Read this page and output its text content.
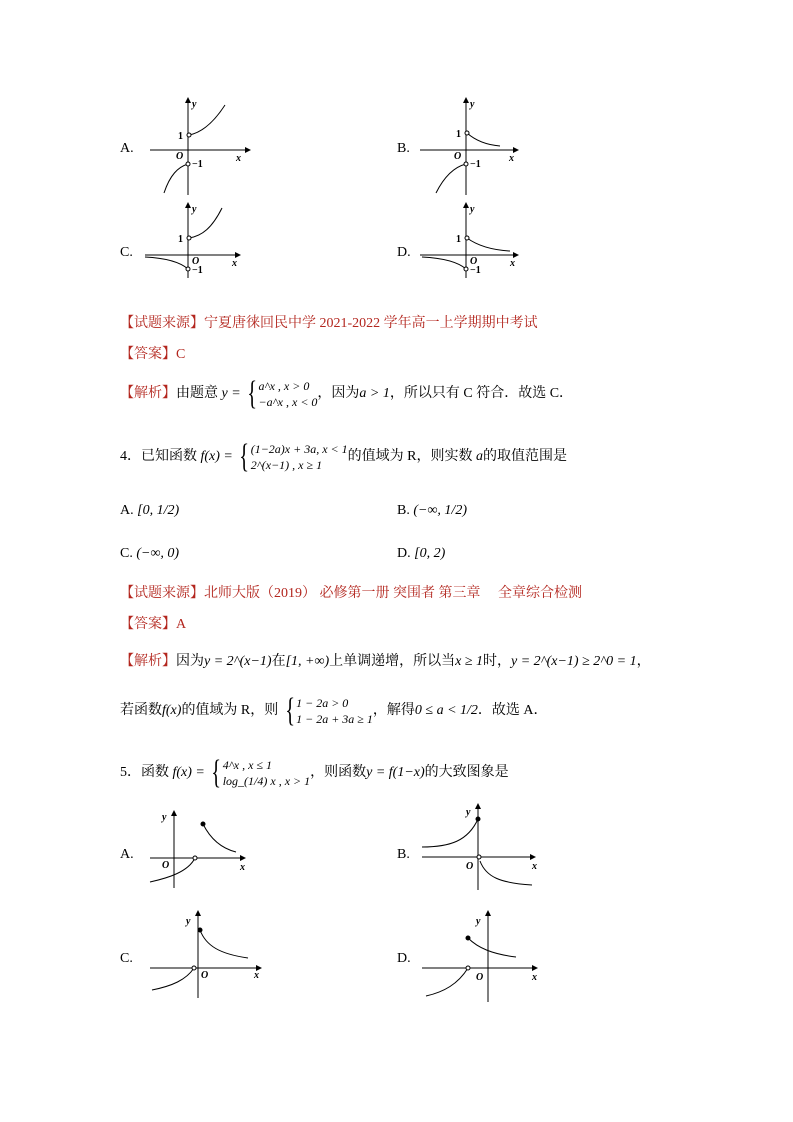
A.
1
O
−1
y
x
B.
1
O
−1
y
x
C.
1
O
−1
y
x
D.
1
O
−1
y
x
【试题来源】宁夏唐徕回民中学 2021-2022 学年高一上学期期中考试
【答案】C
【解析】由题意 y = { a^x , x > 0
−a^x , x < 0
，因为a > 1，所以只有 C 符合．故选 C．
4．已知函数 f(x) = { (1−2a)x + 3a, x < 1
2^(x−1) , x ≥ 1
的值域为 R，则实数 a的取值范围是
A. [0, 1/2)	B. (−∞, 1/2)
C. (−∞, 0)	D. [0, 2)
【试题来源】北师大版（2019） 必修第一册 突围者 第三章 　全章综合检测
【答案】A
【解析】因为y = 2^(x−1)在[1, +∞)上单调递增，所以当x ≥ 1时，y = 2^(x−1) ≥ 2^0 = 1，
若函数f(x)的值域为 R，则 { 1 − 2a > 0
1 − 2a + 3a ≥ 1
，解得0 ≤ a < 1/2．故选 A．
5．函数 f(x) = { 4^x , x ≤ 1
log_(1/4) x , x > 1
，则函数y = f(1−x)的大致图象是
A.
O
y
x
B.
O
y
x
C.
O
y
x
D.
O
y
x
